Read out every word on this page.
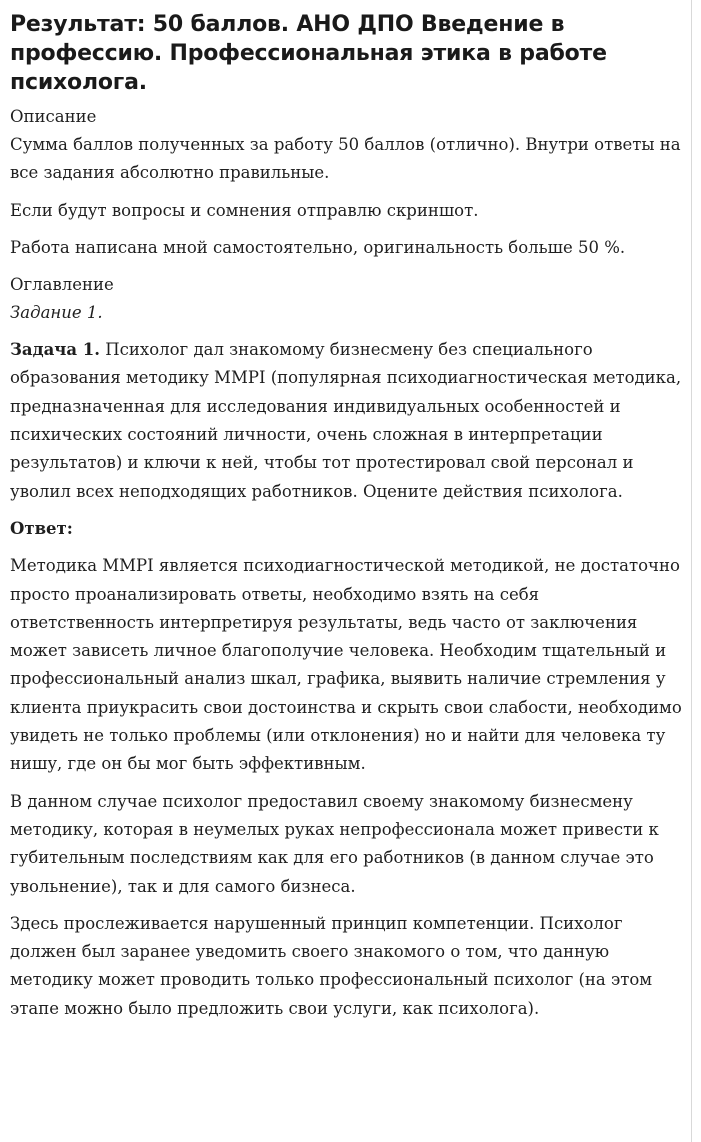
Результат: 50 баллов. АНО ДПО Введение в профессию. Профессиональная этика в работе психолога.
Описание

Сумма баллов полученных за работу 50 баллов (отлично). Внутри ответы на все задания абсолютно правильные.

Если будут вопросы и сомнения отправлю скриншот.

Работа написана мной самостоятельно, оригинальность больше 50 %.

Оглавление
Задание 1.

Задача 1. Психолог дал знакомому бизнесмену без специального образования методику MMPI (популярная психодиагностическая методика, предназначенная для исследования индивидуальных особенностей и психических состояний личности, очень сложная в интерпретации результатов) и ключи к ней, чтобы тот протестировал свой персонал и уволил всех неподходящих работников. Оцените действия психолога.

Ответ:

Методика MMPI является психодиагностической методикой, не достаточно просто проанализировать ответы, необходимо взять на себя ответственность интерпретируя результаты, ведь часто от заключения может зависеть личное благополучие человека. Необходим тщательный и профессиональный анализ шкал, графика, выявить наличие стремления у клиента приукрасить свои достоинства и скрыть свои слабости, необходимо увидеть не только проблемы (или отклонения) но и найти для человека ту нишу, где он бы мог быть эффективным.

В данном случае психолог предоставил своему знакомому бизнесмену методику, которая в неумелых руках непрофессионала может привести к губительным последствиям как для его работников (в данном случае это увольнение), так и для самого бизнеса.

Здесь прослеживается нарушенный принцип компетенции. Психолог должен был заранее уведомить своего знакомого о том, что данную методику может проводить только профессиональный психолог (на этом этапе можно было предложить свои услуги, как психолога).
